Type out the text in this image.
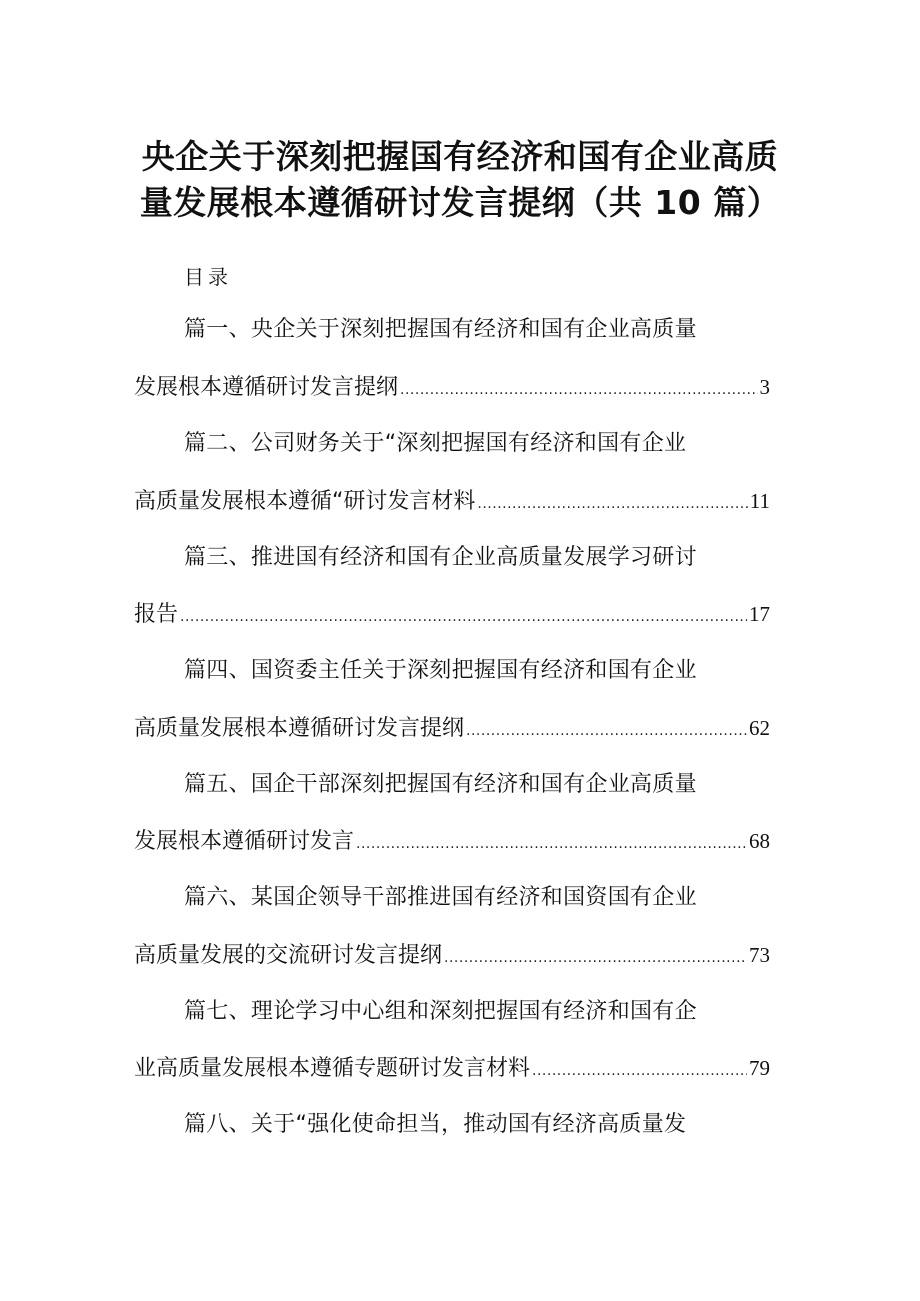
央企关于深刻把握国有经济和国有企业高质
量发展根本遵循研讨发言提纲（共 10 篇）
目录
篇一、央企关于深刻把握国有经济和国有企业高质量
发展根本遵循研讨发言提纲 .....	3
篇二、公司财务关于“深刻把握国有经济和国有企业
高质量发展根本遵循“研讨发言材料 .....	11
篇三、推进国有经济和国有企业高质量发展学习研讨
报告 .....	17
篇四、国资委主任关于深刻把握国有经济和国有企业
高质量发展根本遵循研讨发言提纲 .....	62
篇五、国企干部深刻把握国有经济和国有企业高质量
发展根本遵循研讨发言 .....	68
篇六、某国企领导干部推进国有经济和国资国有企业
高质量发展的交流研讨发言提纲 .....	73
篇七、理论学习中心组和深刻把握国有经济和国有企
业高质量发展根本遵循专题研讨发言材料 .....	79
篇八、关于“强化使命担当，推动国有经济高质量发
